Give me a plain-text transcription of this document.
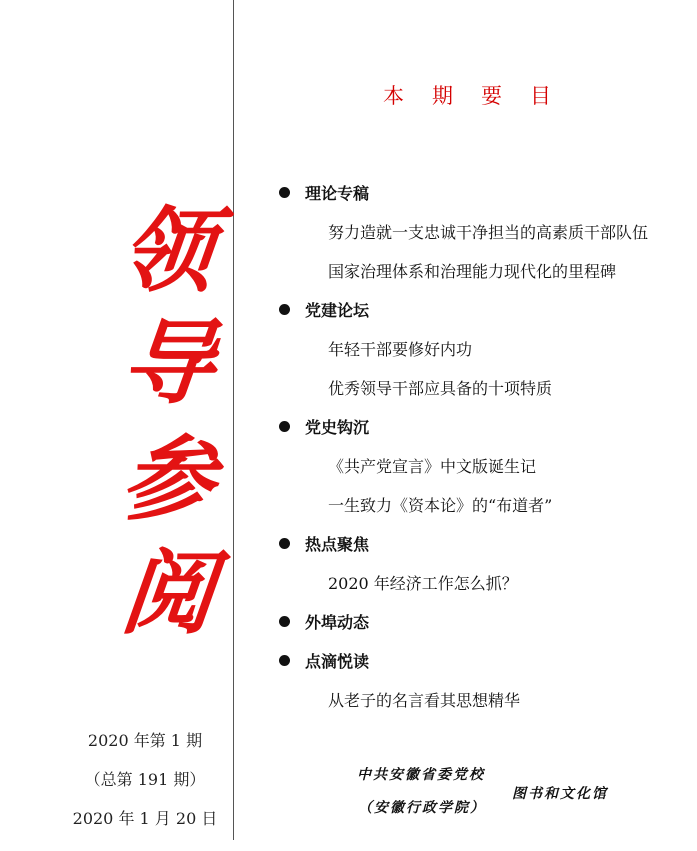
领
导
参
阅
2020 年第 1 期
（总第 191 期）
2020 年 1 月 20 日
本期要目
理论专稿
努力造就一支忠诚干净担当的高素质干部队伍
国家治理体系和治理能力现代化的里程碑
党建论坛
年轻干部要修好内功
优秀领导干部应具备的十项特质
党史钩沉
《共产党宣言》中文版诞生记
一生致力《资本论》的“布道者”
热点聚焦
2020 年经济工作怎么抓？
外埠动态
点滴悦读
从老子的名言看其思想精华
中共安徽省委党校
（安徽行政学院）
图书和文化馆
